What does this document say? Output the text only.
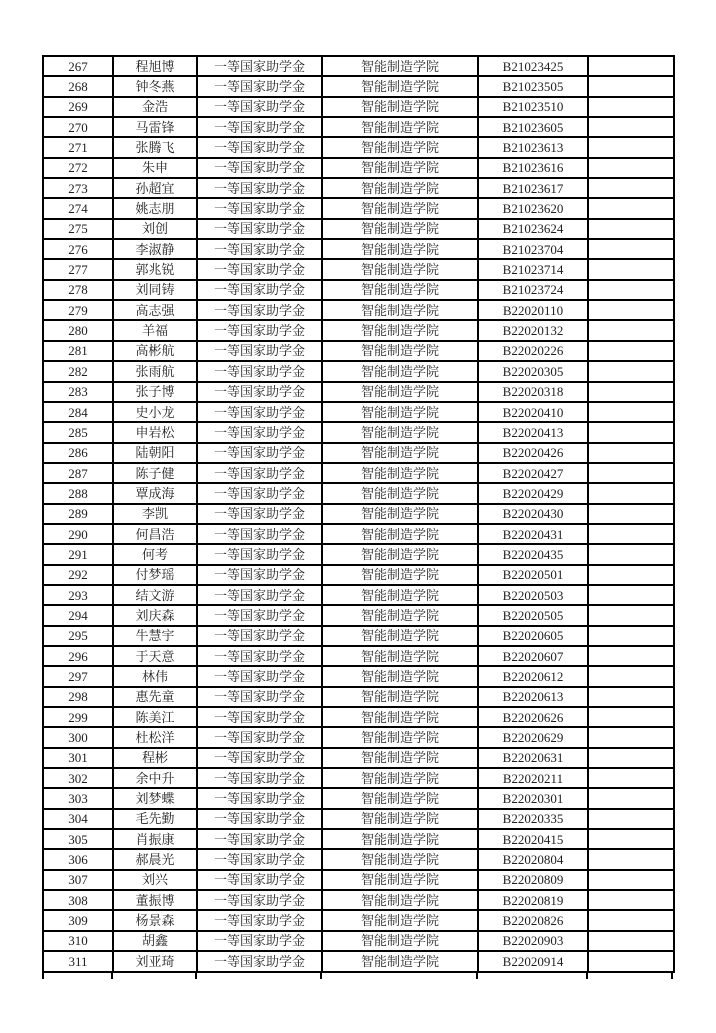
267	程旭博	一等国家助学金	智能制造学院	B21023425	
268	钟冬燕	一等国家助学金	智能制造学院	B21023505	
269	金浩	一等国家助学金	智能制造学院	B21023510	
270	马雷锋	一等国家助学金	智能制造学院	B21023605	
271	张腾飞	一等国家助学金	智能制造学院	B21023613	
272	朱申	一等国家助学金	智能制造学院	B21023616	
273	孙超宜	一等国家助学金	智能制造学院	B21023617	
274	姚志朋	一等国家助学金	智能制造学院	B21023620	
275	刘创	一等国家助学金	智能制造学院	B21023624	
276	李淑静	一等国家助学金	智能制造学院	B21023704	
277	郭兆锐	一等国家助学金	智能制造学院	B21023714	
278	刘同铸	一等国家助学金	智能制造学院	B21023724	
279	高志强	一等国家助学金	智能制造学院	B22020110	
280	羊福	一等国家助学金	智能制造学院	B22020132	
281	高彬航	一等国家助学金	智能制造学院	B22020226	
282	张雨航	一等国家助学金	智能制造学院	B22020305	
283	张子博	一等国家助学金	智能制造学院	B22020318	
284	史小龙	一等国家助学金	智能制造学院	B22020410	
285	申岩松	一等国家助学金	智能制造学院	B22020413	
286	陆朝阳	一等国家助学金	智能制造学院	B22020426	
287	陈子健	一等国家助学金	智能制造学院	B22020427	
288	覃成海	一等国家助学金	智能制造学院	B22020429	
289	李凯	一等国家助学金	智能制造学院	B22020430	
290	何昌浩	一等国家助学金	智能制造学院	B22020431	
291	何考	一等国家助学金	智能制造学院	B22020435	
292	付梦瑶	一等国家助学金	智能制造学院	B22020501	
293	结文游	一等国家助学金	智能制造学院	B22020503	
294	刘庆森	一等国家助学金	智能制造学院	B22020505	
295	牛慧宇	一等国家助学金	智能制造学院	B22020605	
296	于天意	一等国家助学金	智能制造学院	B22020607	
297	林伟	一等国家助学金	智能制造学院	B22020612	
298	惠先童	一等国家助学金	智能制造学院	B22020613	
299	陈美江	一等国家助学金	智能制造学院	B22020626	
300	杜松洋	一等国家助学金	智能制造学院	B22020629	
301	程彬	一等国家助学金	智能制造学院	B22020631	
302	余中升	一等国家助学金	智能制造学院	B22020211	
303	刘梦蝶	一等国家助学金	智能制造学院	B22020301	
304	毛先勤	一等国家助学金	智能制造学院	B22020335	
305	肖振康	一等国家助学金	智能制造学院	B22020415	
306	郝晨光	一等国家助学金	智能制造学院	B22020804	
307	刘兴	一等国家助学金	智能制造学院	B22020809	
308	董振博	一等国家助学金	智能制造学院	B22020819	
309	杨景森	一等国家助学金	智能制造学院	B22020826	
310	胡鑫	一等国家助学金	智能制造学院	B22020903	
311	刘亚琦	一等国家助学金	智能制造学院	B22020914	
